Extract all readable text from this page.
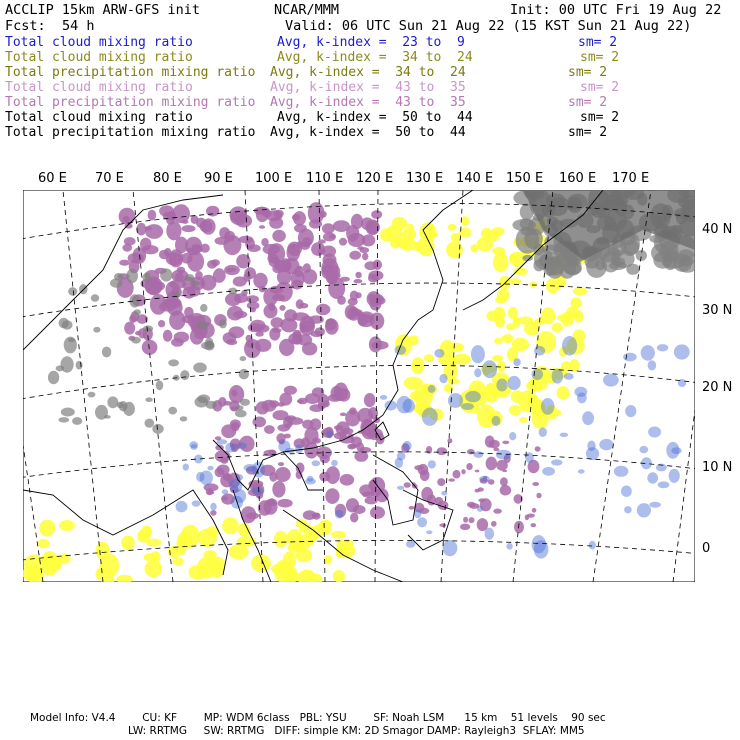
ACCLIP 15km ARW-GFS init	NCAR/MMM	Init: 00 UTC Fri 19 Aug 22
Fcst: 54 h	Valid: 06 UTC Sun 21 Aug 22 (15 KST Sun 21 Aug 22)
Total cloud mixing ratio	Avg, k-index =  23 to  9	sm= 2
Total cloud mixing ratio	Avg, k-index =  34 to  24	sm= 2
Total precipitation mixing ratio Avg, k-index =  34 to  24	sm= 2
Total cloud mixing ratio	Avg, k-index =  43 to  35	sm= 2
Total precipitation mixing ratio Avg, k-index =  43 to  35	sm= 2
Total cloud mixing ratio	Avg, k-index =  50 to  44	sm= 2
Total precipitation mixing ratio Avg, k-index =  50 to  44	sm= 2
60 E 70 E 80 E 90 E 100 E 110 E 120 E 130 E 140 E 150 E 160 E 170 E
40 N
30 N
20 N
10 N
0
Model Info: V4.4        CU: KF        MP: WDM 6class   PBL: YSU        SF: Noah LSM      15 km    51 levels    90 sec
LW: RRTMG     SW: RRTMG   DIFF: simple KM: 2D Smagor DAMP: Rayleigh3  SFLAY: MM5
